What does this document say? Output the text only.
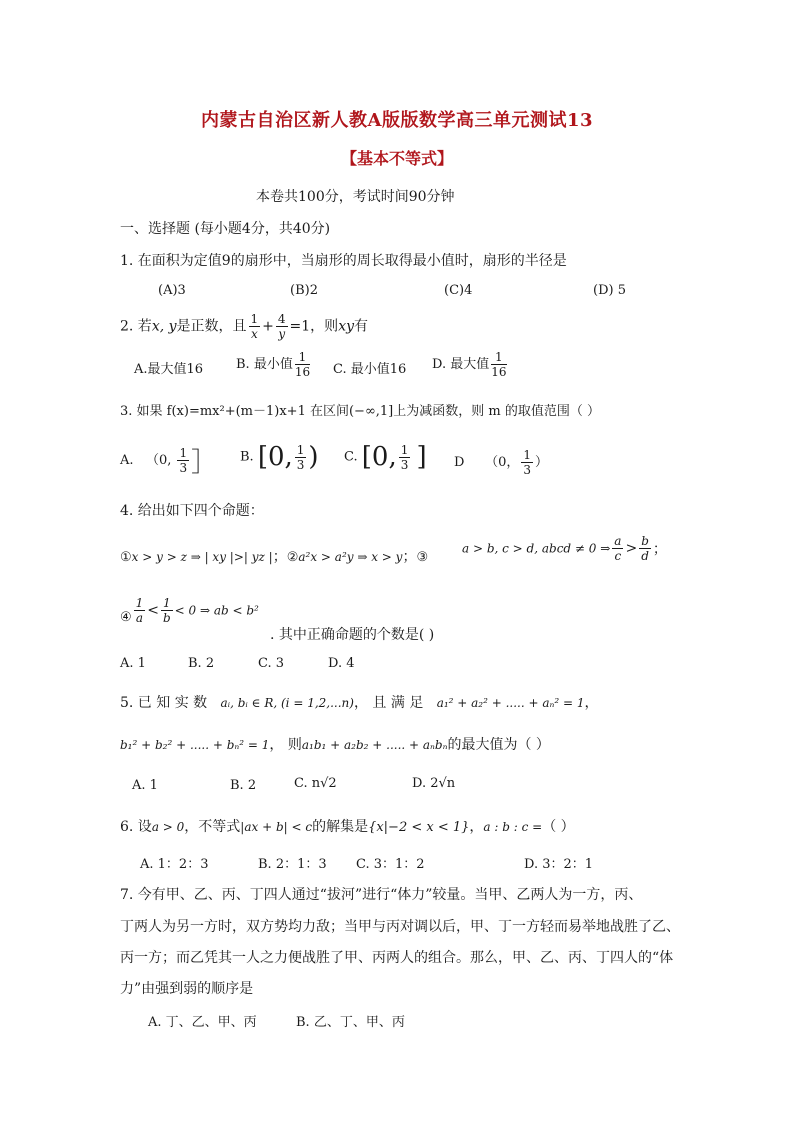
内蒙古自治区新人教A版版数学高三单元测试13
【基本不等式】
本卷共100分，考试时间90分钟
一、选择题 (每小题4分，共40分)
1. 在面积为定值9的扇形中，当扇形的周长取得最小值时，扇形的半径是
(A)3	(B)2	(C)4	(D) 5
2. 若x, y是正数，且 $\frac{1}{x} + \frac{4}{y} =1$，则xy有
A.最大值16	B. 最小值 $\frac{1}{16} C$. 最小值16 D. 最大值 $\frac{1}{16}$
3. 如果 f(x)=mx²+(m－1)x+1 在区间(−∞,1]上为减函数，则 m 的取值范围（ ）
A. （0, $\frac{1}{3}$ ］ B. [0, $\frac{1}{3}$ ) C. [0, $\frac{1}{3}$ ] D （0， $\frac{1}{3}$ ）
4. 给出如下四个命题：
①x > y > z ⇒ | xy |>| yz |；②a²x > a²y ⇒ x > y；③
a > b, c > d, abcd ≠ 0 ⇒ $\frac{a}{c} > \frac{b}{d}$ ；
④ $\frac{1}{a} < \frac{1}{b} < 0$ ⇒ ab < b²
. 其中正确命题的个数是( )
A. 1	B. 2	C. 3	D. 4
5. 已 知 实 数 aᵢ, bᵢ ∈ R, (i = 1,2,...n)， 且 满 足 a₁² + a₂² + ..... + aₙ² = 1，
b₁² + b₂² + ..... + bₙ² = 1， 则a₁b₁ + a₂b₂ + ..... + aₙbₙ的最大值为（ ）
A. 1	B. 2	C. n√2	D. 2√n
6. 设a > 0，不等式|ax + b| < c的解集是{x|−2 < x < 1}，a : b : c =（ ）
A. 1：2：3	B. 2：1：3 C. 3：1：2	D. 3：2：1
7. 今有甲、乙、丙、丁四人通过“拔河”进行“体力”较量。当甲、乙两人为一方，丙、
丁两人为另一方时，双方势均力敌；当甲与丙对调以后，甲、丁一方轻而易举地战胜了乙、
丙一方；而乙凭其一人之力便战胜了甲、丙两人的组合。那么，甲、乙、丙、丁四人的“体
力”由强到弱的顺序是
A. 丁、乙、甲、丙	B. 乙、丁、甲、丙
